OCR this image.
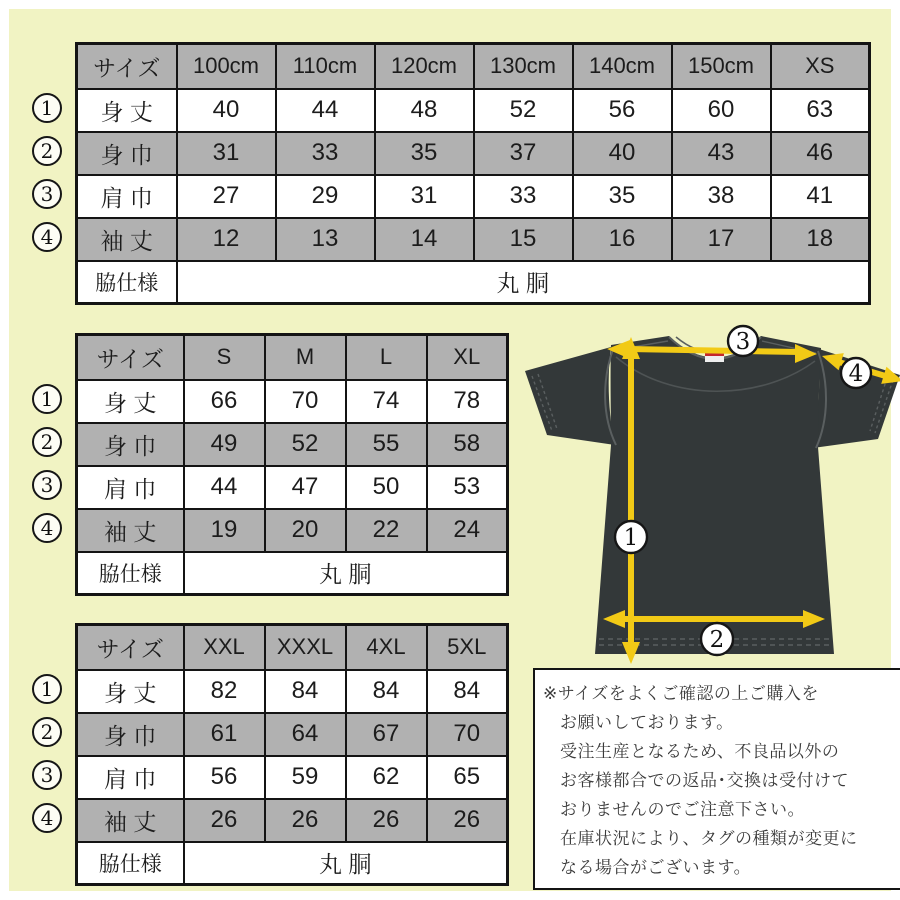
サイズ	100cm	110cm	120cm	130cm	140cm	150cm	XS
身 丈	40	44	48	52	56	60	63
身 巾	31	33	35	37	40	43	46
肩 巾	27	29	31	33	35	38	41
袖 丈	12	13	14	15	16	17	18
脇仕様	丸 胴						
サイズ	S	M	L	XL
身 丈	66	70	74	78
身 巾	49	52	55	58
肩 巾	44	47	50	53
袖 丈	19	20	22	24
脇仕様	丸 胴			
サイズ	XXL	XXXL	4XL	5XL
身 丈	82	84	84	84
身 巾	61	64	67	70
肩 巾	56	59	62	65
袖 丈	26	26	26	26
脇仕様	丸 胴			
1
2
3
4
1
2
3
4
1
2
3
4
3
4
1
2
※サイズをよくご確認の上ご購入を
お願いしております。
受注生産となるため、不良品以外の
お客様都合での返品･交換は受付けて
おりませんのでご注意下さい。
在庫状況により、タグの種類が変更に
なる場合がございます。
